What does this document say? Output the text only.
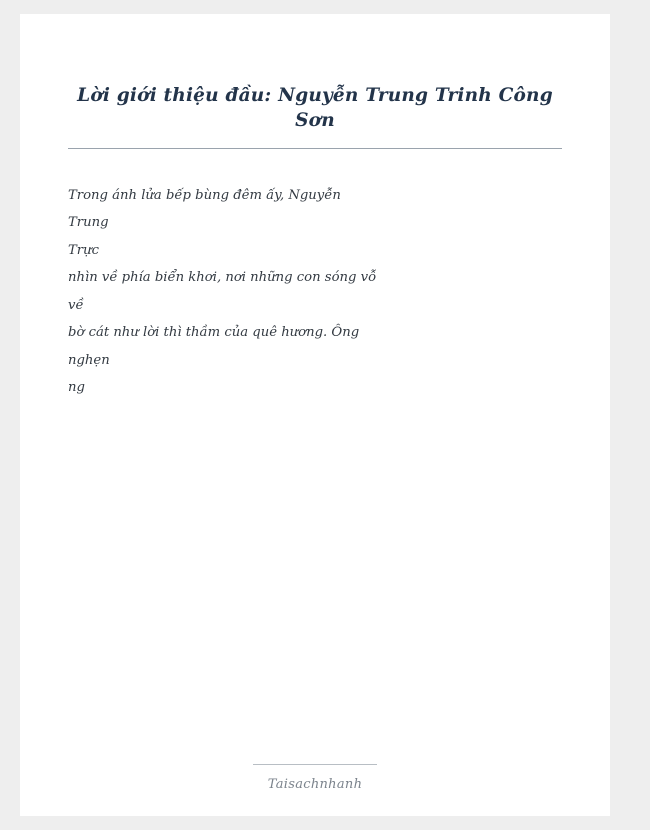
Lời giới thiệu đầu: Nguyễn Trung Trinh Công Sơn
Trong ánh lửa bếp bùng đêm ấy, Nguyễn Trung
Trực
nhìn về phía biển khơi, nơi những con sóng vỗ
về
bờ cát như lời thì thầm của quê hương. Ông
nghẹn
ng
Taisachnhanh
